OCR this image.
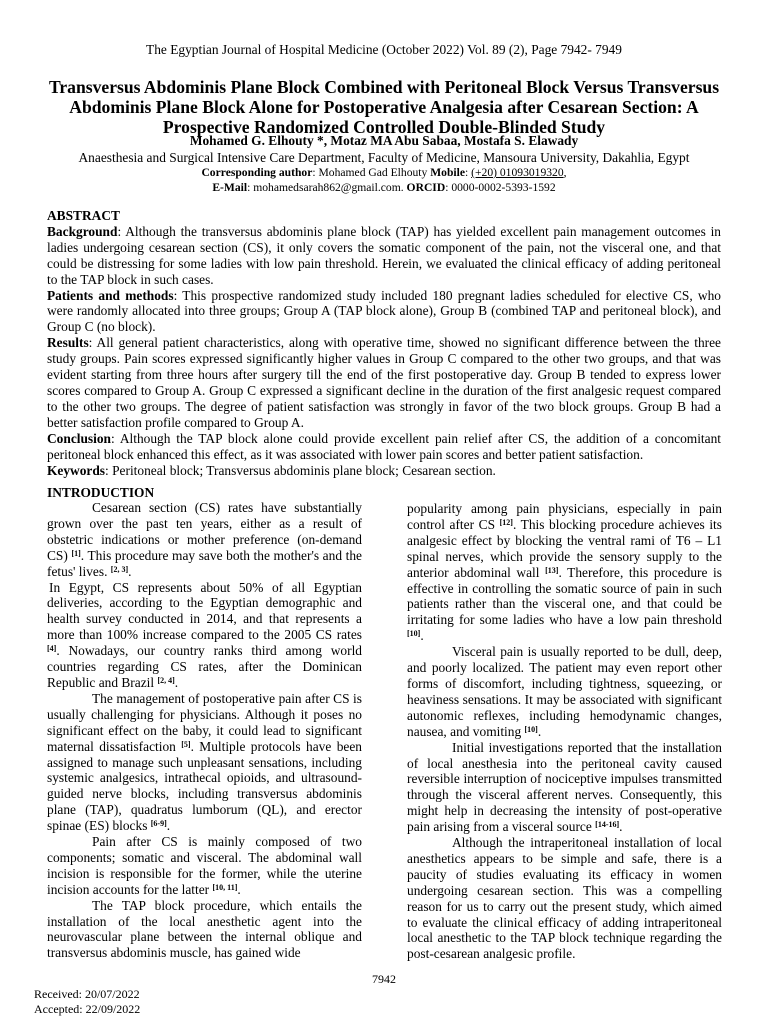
The Egyptian Journal of Hospital Medicine (October 2022) Vol. 89 (2), Page 7942- 7949
Transversus Abdominis Plane Block Combined with Peritoneal Block Versus Transversus Abdominis Plane Block Alone for Postoperative Analgesia after Cesarean Section: A Prospective Randomized Controlled Double-Blinded Study
Mohamed G. Elhouty *, Motaz MA Abu Sabaa, Mostafa S. Elawady
Anaesthesia and Surgical Intensive Care Department, Faculty of Medicine, Mansoura University, Dakahlia, Egypt
Corresponding author: Mohamed Gad Elhouty Mobile: (+20) 01093019320,
E-Mail: mohamedsarah862@gmail.com. ORCID: 0000-0002-5393-1592

ABSTRACT

Background: Although the transversus abdominis plane block (TAP) has yielded excellent pain management outcomes in ladies undergoing cesarean section (CS), it only covers the somatic component of the pain, not the visceral one, and that could be distressing for some ladies with low pain threshold. Herein, we evaluated the clinical efficacy of adding peritoneal to the TAP block in such cases.

Patients and methods: This prospective randomized study included 180 pregnant ladies scheduled for elective CS, who were randomly allocated into three groups; Group A (TAP block alone), Group B (combined TAP and peritoneal block), and Group C (no block).

Results: All general patient characteristics, along with operative time, showed no significant difference between the three study groups. Pain scores expressed significantly higher values in Group C compared to the other two groups, and that was evident starting from three hours after surgery till the end of the first postoperative day. Group B tended to express lower scores compared to Group A. Group C expressed a significant decline in the duration of the first analgesic request compared to the other two groups. The degree of patient satisfaction was strongly in favor of the two block groups. Group B had a better satisfaction profile compared to Group A.

Conclusion: Although the TAP block alone could provide excellent pain relief after CS, the addition of a concomitant peritoneal block enhanced this effect, as it was associated with lower pain scores and better patient satisfaction.

Keywords: Peritoneal block; Transversus abdominis plane block; Cesarean section.

INTRODUCTION

Cesarean section (CS) rates have substantially grown over the past ten years, either as a result of obstetric indications or mother preference (on-demand CS) [1]. This procedure may save both the mother's and the fetus' lives. [2, 3].

In Egypt, CS represents about 50% of all Egyptian deliveries, according to the Egyptian demographic and health survey conducted in 2014, and that represents a more than 100% increase compared to the 2005 CS rates [4]. Nowadays, our country ranks third among world countries regarding CS rates, after the Dominican Republic and Brazil [2, 4].

The management of postoperative pain after CS is usually challenging for physicians. Although it poses no significant effect on the baby, it could lead to significant maternal dissatisfaction [5]. Multiple protocols have been assigned to manage such unpleasant sensations, including systemic analgesics, intrathecal opioids, and ultrasound-guided nerve blocks, including transversus abdominis plane (TAP), quadratus lumborum (QL), and erector spinae (ES) blocks [6-9].

Pain after CS is mainly composed of two components; somatic and visceral. The abdominal wall incision is responsible for the former, while the uterine incision accounts for the latter [10, 11].

The TAP block procedure, which entails the installation of the local anesthetic agent into the neurovascular plane between the internal oblique and transversus abdominis muscle, has gained wide

popularity among pain physicians, especially in pain control after CS [12]. This blocking procedure achieves its analgesic effect by blocking the ventral rami of T6 – L1 spinal nerves, which provide the sensory supply to the anterior abdominal wall [13]. Therefore, this procedure is effective in controlling the somatic source of pain in such patients rather than the visceral one, and that could be irritating for some ladies who have a low pain threshold [10].

Visceral pain is usually reported to be dull, deep, and poorly localized. The patient may even report other forms of discomfort, including tightness, squeezing, or heaviness sensations. It may be associated with significant autonomic reflexes, including hemodynamic changes, nausea, and vomiting [10].

Initial investigations reported that the installation of local anesthesia into the peritoneal cavity caused reversible interruption of nociceptive impulses transmitted through the visceral afferent nerves. Consequently, this might help in decreasing the intensity of post-operative pain arising from a visceral source [14-16].

Although the intraperitoneal installation of local anesthetics appears to be simple and safe, there is a paucity of studies evaluating its efficacy in women undergoing cesarean section. This was a compelling reason for us to carry out the present study, which aimed to evaluate the clinical efficacy of adding intraperitoneal local anesthetic to the TAP block technique regarding the post-cesarean analgesic profile.

7942
Received: 20/07/2022
Accepted: 22/09/2022
